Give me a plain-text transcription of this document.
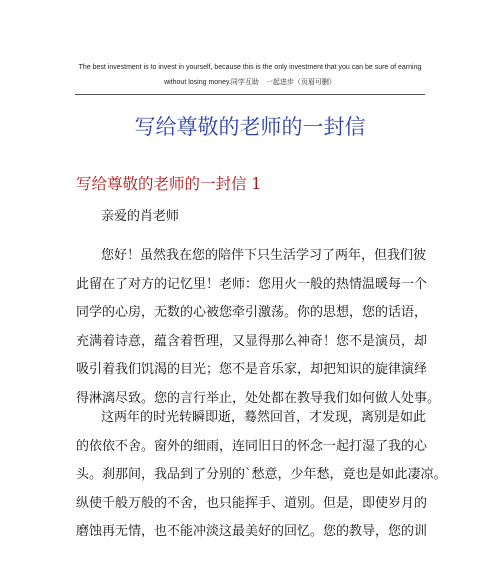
The best investment is to invest in yourself, because this is the only investment that you can be sure of earning
without losing money.同学互助　一起进步（页眉可删）
写给尊敬的老师的一封信
写给尊敬的老师的一封信 1
亲爱的肖老师
您好！虽然我在您的陪伴下只生活学习了两年，但我们彼
此留在了对方的记忆里！老师：您用火一般的热情温暖每一个
同学的心房，无数的心被您牵引激荡。你的思想，您的话语，
充满着诗意，蕴含着哲理，又显得那么神奇！您不是演员，却
吸引着我们饥渴的目光；您不是音乐家，却把知识的旋律演绎
得淋漓尽致。您的言行举止，处处都在教导我们如何做人处事。
这两年的时光转瞬即逝，蓦然回首，才发现，离别是如此
的依依不舍。窗外的细雨，连同旧日的怀念一起打湿了我的心
头。刹那间，我品到了分别的`愁意，少年愁，竟也是如此凄凉。
纵使千般万般的不舍，也只能挥手、道别。但是，即使岁月的
磨蚀再无情，也不能冲淡这最美好的回忆。您的教导，您的训
